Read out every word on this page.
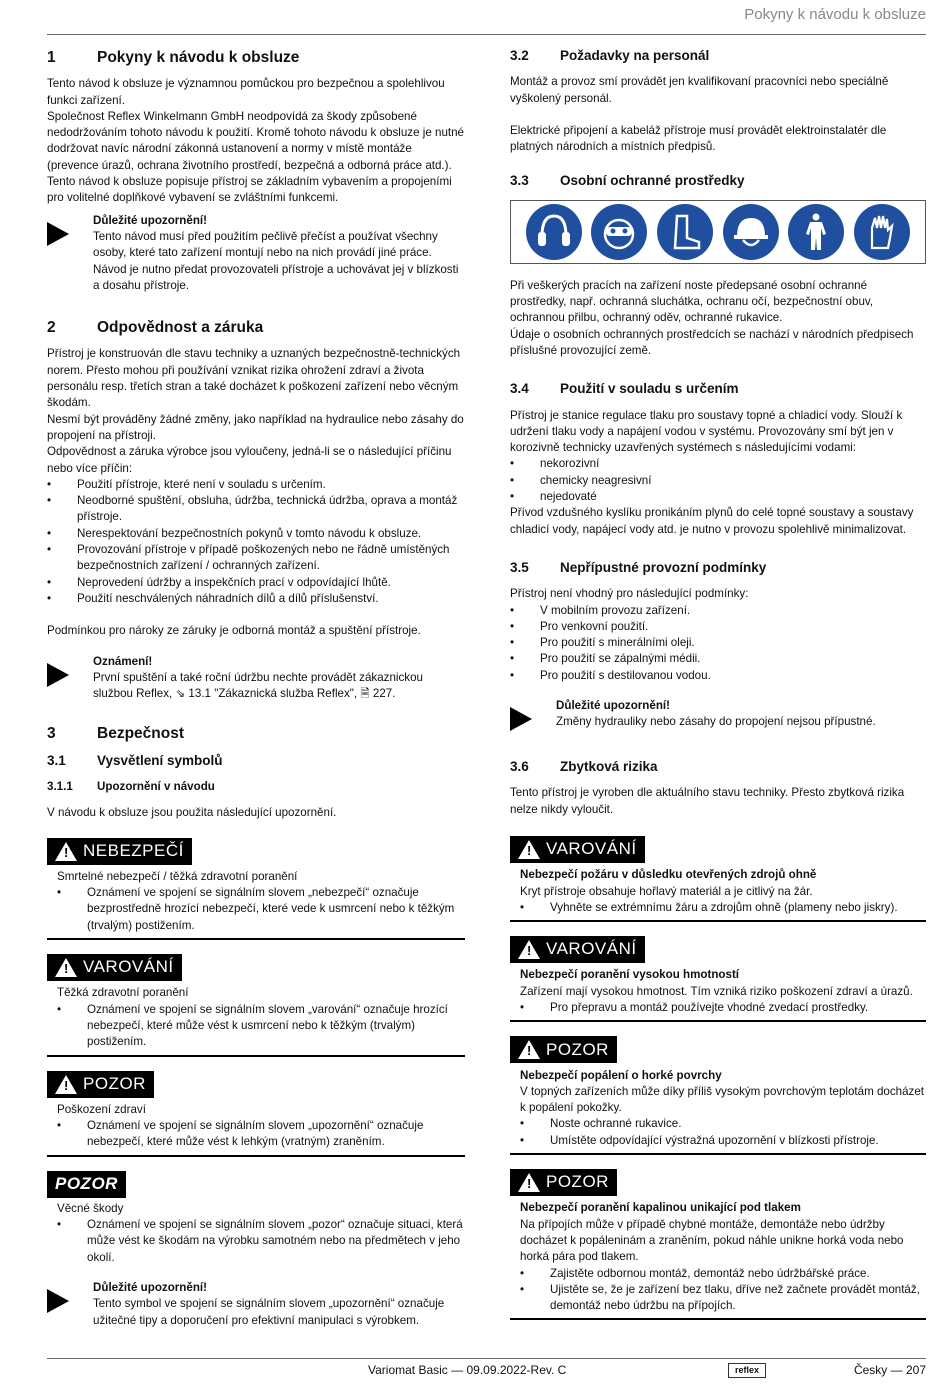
Pokyny k návodu k obsluze
1	Pokyny k návodu k obsluze

Tento návod k obsluze je významnou pomůckou pro bezpečnou a spolehlivou funkci zařízení.

Společnost Reflex Winkelmann GmbH neodpovídá za škody způsobené nedodržováním tohoto návodu k použití. Kromě tohoto návodu k obsluze je nutné dodržovat navíc národní zákonná ustanovení a normy v místě montáže (prevence úrazů, ochrana životního prostředí, bezpečná a odborná práce atd.).

Tento návod k obsluze popisuje přístroj se základním vybavením a propojeními pro volitelné doplňkové vybavení se zvláštními funkcemi.

Důležité upozornění!
Tento návod musí před použitím pečlivě přečíst a používat všechny osoby, které tato zařízení montují nebo na nich provádí jiné práce. Návod je nutno předat provozovateli přístroje a uchovávat jej v blízkosti a dosahu přístroje.
2	Odpovědnost a záruka

Přístroj je konstruován dle stavu techniky a uznaných bezpečnostně-technických norem. Přesto mohou při používání vznikat rizika ohrožení zdraví a života personálu resp. třetích stran a také docházet k poškození zařízení nebo věcným škodám.

Nesmí být prováděny žádné změny, jako například na hydraulice nebo zásahy do propojení na přístroji.

Odpovědnost a záruka výrobce jsou vyloučeny, jedná-li se o následující příčinu nebo více příčin:

• Použití přístroje, které není v souladu s určením.
• Neodborné spuštění, obsluha, údržba, technická údržba, oprava a montáž přístroje.
• Nerespektování bezpečnostních pokynů v tomto návodu k obsluze.
• Provozování přístroje v případě poškozených nebo ne řádně umístěných bezpečnostních zařízení / ochranných zařízení.
• Neprovedení údržby a inspekčních prací v odpovídající lhůtě.
• Použití neschválených náhradních dílů a dílů příslušenství.

Podmínkou pro nároky ze záruky je odborná montáž a spuštění přístroje.

Oznámení!
První spuštění a také roční údržbu nechte provádět zákaznickou službou Reflex, ⇘ 13.1 "Zákaznická služba Reflex", 🗎 227.
3	Bezpečnost
3.1	Vysvětlení symbolů
3.1.1	Upozornění v návodu

V návodu k obsluze jsou použita následující upozornění.

! NEBEZPEČÍ
Smrtelné nebezpečí / těžká zdravotní poranění
• Oznámení ve spojení se signálním slovem „nebezpečí“ označuje bezprostředně hrozící nebezpečí, které vede k usmrcení nebo k těžkým (trvalým) postižením.
! VAROVÁNÍ
Těžká zdravotní poranění
• Oznámení ve spojení se signálním slovem „varování“ označuje hrozící nebezpečí, které může vést k usmrcení nebo k těžkým (trvalým) postižením.
! POZOR
Poškození zdraví
• Oznámení ve spojení se signálním slovem „upozornění“ označuje nebezpečí, které může vést k lehkým (vratným) zraněním.
POZOR
Věcné škody
• Oznámení ve spojení se signálním slovem „pozor“ označuje situaci, která může vést ke škodám na výrobku samotném nebo na předmětech v jeho okolí.
Důležité upozornění!
Tento symbol ve spojení se signálním slovem „upozornění“ označuje užitečné tipy a doporučení pro efektivní manipulaci s výrobkem.
3.2	Požadavky na personál

Montáž a provoz smí provádět jen kvalifikovaní pracovníci nebo speciálně vyškolený personál.

Elektrické připojení a kabeláž přístroje musí provádět elektroinstalatér dle platných národních a místních předpisů.

3.3	Osobní ochranné prostředky

Při veškerých pracích na zařízení noste předepsané osobní ochranné prostředky, např. ochranná sluchátka, ochranu očí, bezpečnostní obuv, ochrannou přilbu, ochranný oděv, ochranné rukavice.

Údaje o osobních ochranných prostředcích se nachází v národních předpisech příslušné provozující země.

3.4	Použití v souladu s určením

Přístroj je stanice regulace tlaku pro soustavy topné a chladicí vody. Slouží k udržení tlaku vody a napájení vodou v systému. Provozovány smí být jen v korozivně technicky uzavřených systémech s následujícími vodami:

• nekorozivní
• chemicky neagresivní
• nejedovaté

Přívod vzdušného kyslíku pronikáním plynů do celé topné soustavy a soustavy chladicí vody, napájecí vody atd. je nutno v provozu spolehlivě minimalizovat.

3.5	Nepřípustné provozní podmínky

Přístroj není vhodný pro následující podmínky:

• V mobilním provozu zařízení.
• Pro venkovní použití.
• Pro použití s minerálními oleji.
• Pro použití se zápalnými médii.
• Pro použití s destilovanou vodou.
Důležité upozornění!
Změny hydrauliky nebo zásahy do propojení nejsou přípustné.
3.6	Zbytková rizika

Tento přístroj je vyroben dle aktuálního stavu techniky. Přesto zbytková rizika nelze nikdy vyloučit.

! VAROVÁNÍ
Nebezpečí požáru v důsledku otevřených zdrojů ohně
Kryt přístroje obsahuje hořlavý materiál a je citlivý na žár.
• Vyhněte se extrémnímu žáru a zdrojům ohně (plameny nebo jiskry).
! VAROVÁNÍ
Nebezpečí poranění vysokou hmotností
Zařízení mají vysokou hmotnost. Tím vzniká riziko poškození zdraví a úrazů.
• Pro přepravu a montáž používejte vhodné zvedací prostředky.
! POZOR
Nebezpečí popálení o horké povrchy
V topných zařízeních může díky příliš vysokým povrchovým teplotám docházet k popálení pokožky.
• Noste ochranné rukavice.
• Umístěte odpovídající výstražná upozornění v blízkosti přístroje.
! POZOR
Nebezpečí poranění kapalinou unikající pod tlakem
Na přípojích může v případě chybné montáže, demontáže nebo údržby docházet k popáleninám a zraněním, pokud náhle unikne horká voda nebo horká pára pod tlakem.
• Zajistěte odbornou montáž, demontáž nebo údržbářské práce.
• Ujistěte se, že je zařízení bez tlaku, dříve než začnete provádět montáž, demontáž nebo údržbu na přípojích.
Variomat Basic — 09.09.2022-Rev. C	reflex	Česky — 207
